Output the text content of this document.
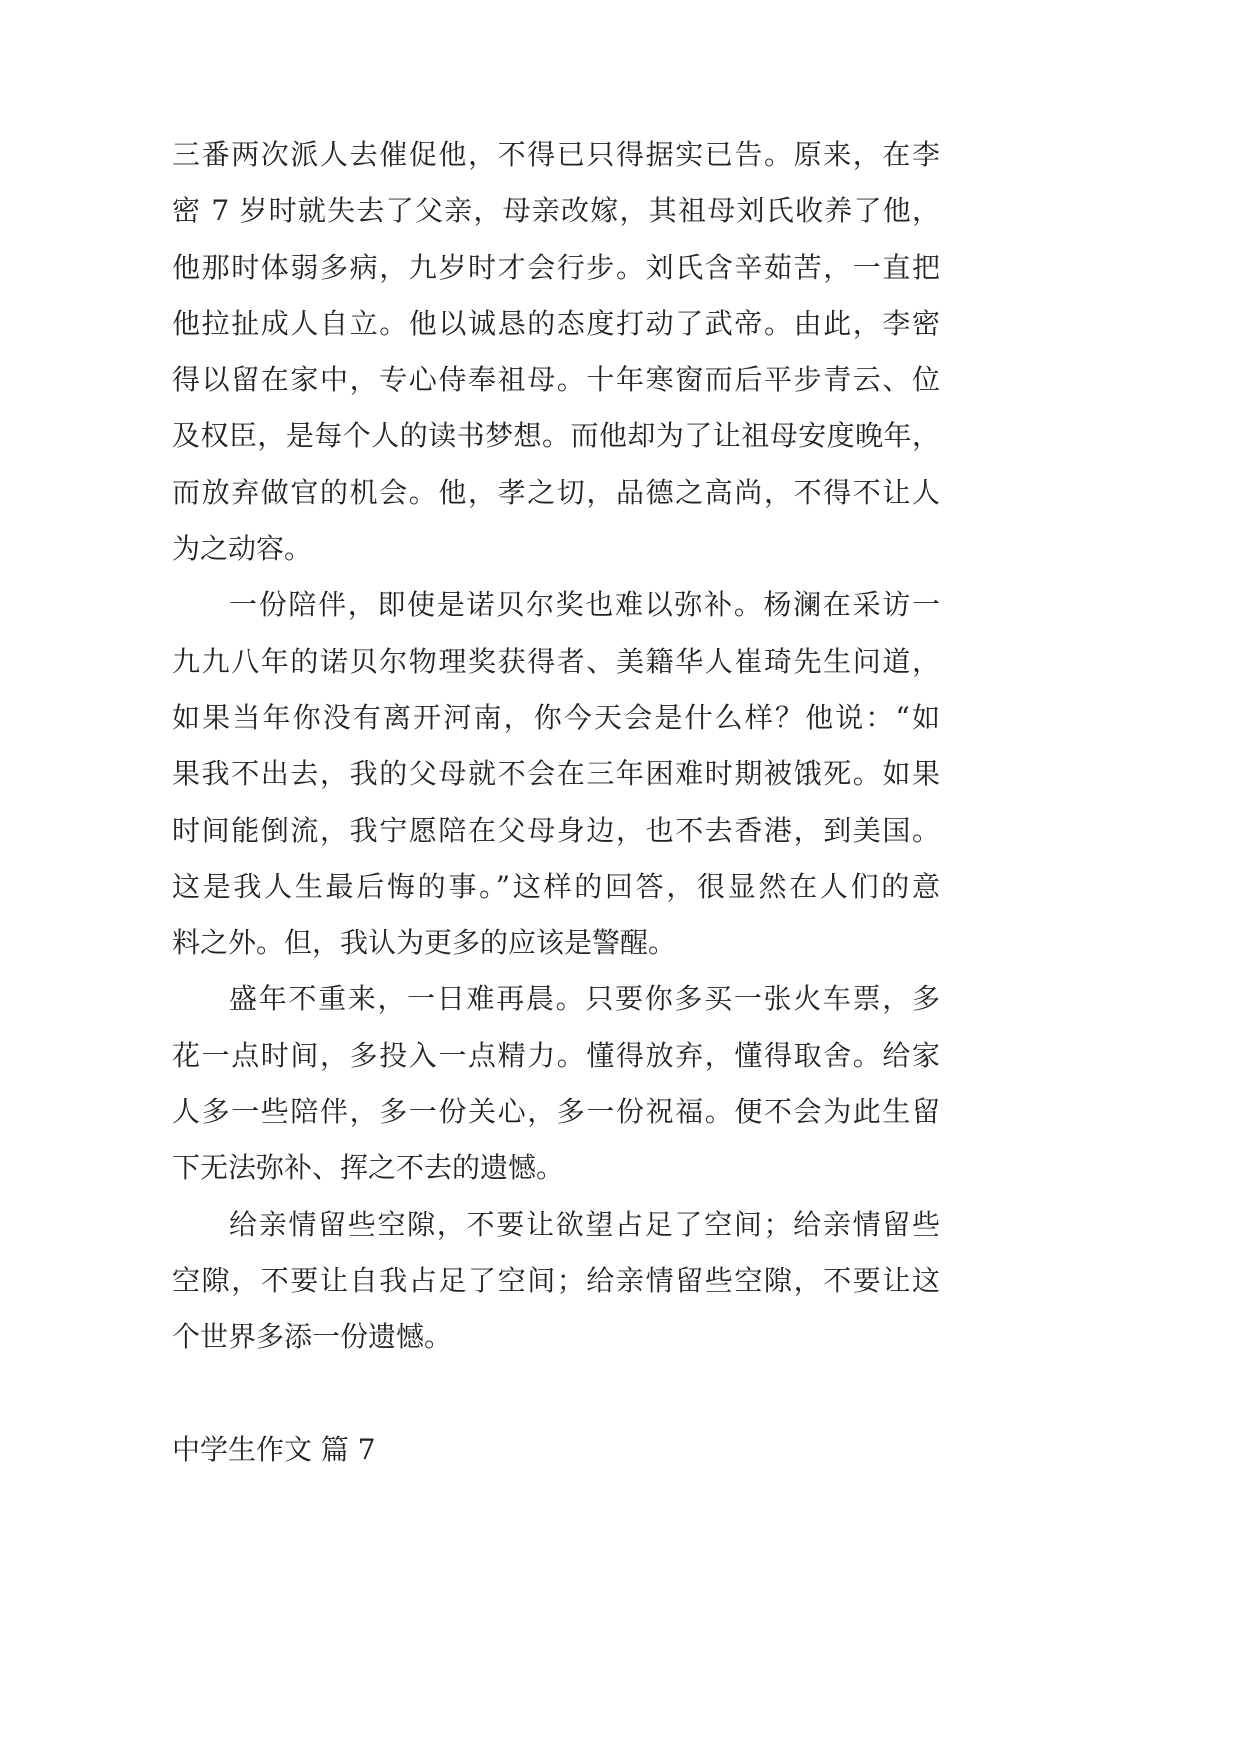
三番两次派人去催促他，不得已只得据实已告。原来，在李
密 7 岁时就失去了父亲，母亲改嫁，其祖母刘氏收养了他，
他那时体弱多病，九岁时才会行步。刘氏含辛茹苦，一直把
他拉扯成人自立。他以诚恳的态度打动了武帝。由此，李密
得以留在家中，专心侍奉祖母。十年寒窗而后平步青云、位
及权臣，是每个人的读书梦想。而他却为了让祖母安度晚年，
而放弃做官的机会。他，孝之切，品德之高尚，不得不让人
为之动容。
一份陪伴，即使是诺贝尔奖也难以弥补。杨澜在采访一
九九八年的诺贝尔物理奖获得者、美籍华人崔琦先生问道，
如果当年你没有离开河南，你今天会是什么样？他说：“如
果我不出去，我的父母就不会在三年困难时期被饿死。如果
时间能倒流，我宁愿陪在父母身边，也不去香港，到美国。
这是我人生最后悔的事。”这样的回答，很显然在人们的意
料之外。但，我认为更多的应该是警醒。
盛年不重来，一日难再晨。只要你多买一张火车票，多
花一点时间，多投入一点精力。懂得放弃，懂得取舍。给家
人多一些陪伴，多一份关心，多一份祝福。便不会为此生留
下无法弥补、挥之不去的遗憾。
给亲情留些空隙，不要让欲望占足了空间；给亲情留些
空隙，不要让自我占足了空间；给亲情留些空隙，不要让这
个世界多添一份遗憾。
中学生作文 篇 7
